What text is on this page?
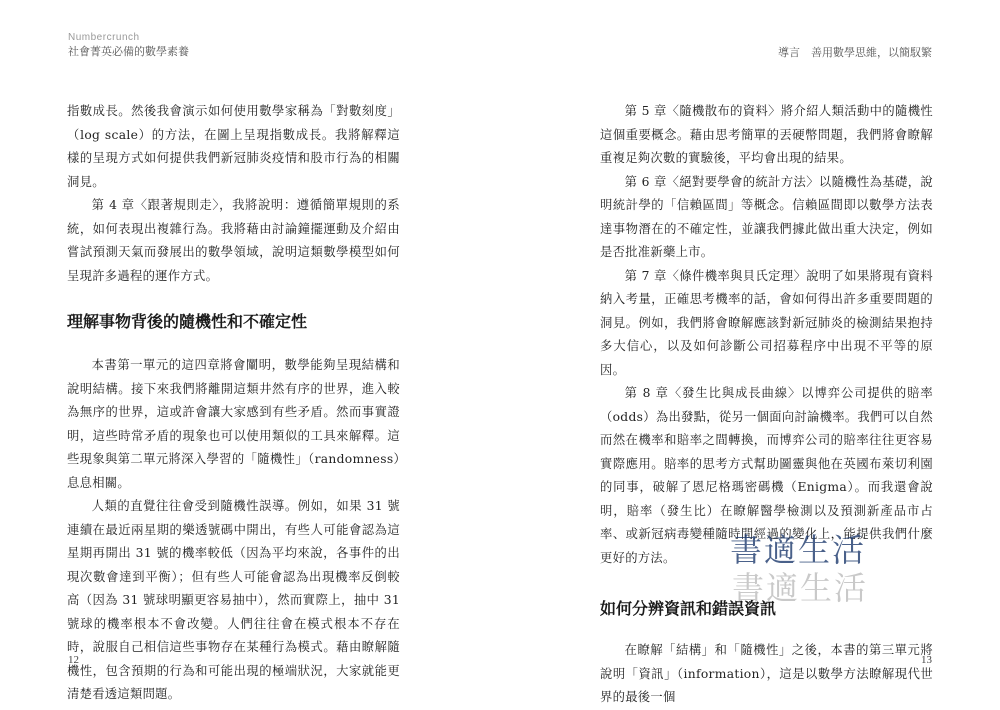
Numbercrunch
社會菁英必備的數學素養	導言　善用數學思維，以簡馭繁

指數成長。然後我會演示如何使用數學家稱為「對數刻度」（log scale）的方法，在圖上呈現指數成長。我將解釋這樣的呈現方式如何提供我們新冠肺炎疫情和股市行為的相關洞見。

第 4 章〈跟著規則走〉，我將說明：遵循簡單規則的系統，如何表現出複雜行為。我將藉由討論鐘擺運動及介紹由嘗試預測天氣而發展出的數學領域，說明這類數學模型如何呈現許多過程的運作方式。

理解事物背後的隨機性和不確定性

本書第一單元的這四章將會闡明，數學能夠呈現結構和說明結構。接下來我們將離開這類井然有序的世界，進入較為無序的世界，這或許會讓大家感到有些矛盾。然而事實證明，這些時常矛盾的現象也可以使用類似的工具來解釋。這些現象與第二單元將深入學習的「隨機性」（randomness）息息相關。

人類的直覺往往會受到隨機性誤導。例如，如果 31 號連續在最近兩星期的樂透號碼中開出，有些人可能會認為這星期再開出 31 號的機率較低（因為平均來說，各事件的出現次數會達到平衡）；但有些人可能會認為出現機率反倒較高（因為 31 號球明顯更容易抽中），然而實際上，抽中 31 號球的機率根本不會改變。人們往往會在模式根本不存在時，說服自己相信這些事物存在某種行為模式。藉由瞭解隨機性，包含預期的行為和可能出現的極端狀況，大家就能更清楚看透這類問題。

12

第 5 章〈隨機散布的資料〉將介紹人類活動中的隨機性這個重要概念。藉由思考簡單的丟硬幣問題，我們將會瞭解重複足夠次數的實驗後，平均會出現的結果。

第 6 章〈絕對要學會的統計方法〉以隨機性為基礎，說明統計學的「信賴區間」等概念。信賴區間即以數學方法表達事物潛在的不確定性，並讓我們據此做出重大決定，例如是否批准新藥上市。

第 7 章〈條件機率與貝氏定理〉說明了如果將現有資料納入考量，正確思考機率的話，會如何得出許多重要問題的洞見。例如，我們將會瞭解應該對新冠肺炎的檢測結果抱持多大信心，以及如何診斷公司招募程序中出現不平等的原因。

第 8 章〈發生比與成長曲線〉以博弈公司提供的賠率（odds）為出發點，從另一個面向討論機率。我們可以自然而然在機率和賠率之間轉換，而博弈公司的賠率往往更容易實際應用。賠率的思考方式幫助圖靈與他在英國布萊切利園的同事，破解了恩尼格瑪密碼機（Enigma）。而我還會說明，賠率（發生比）在瞭解醫學檢測以及預測新產品市占率、或新冠病毒變種隨時間經過的變化上，能提供我們什麼更好的方法。

如何分辨資訊和錯誤資訊

在瞭解「結構」和「隨機性」之後，本書的第三單元將說明「資訊」（information），這是以數學方法瞭解現代世界的最後一個

13
書適生活
書適生活
